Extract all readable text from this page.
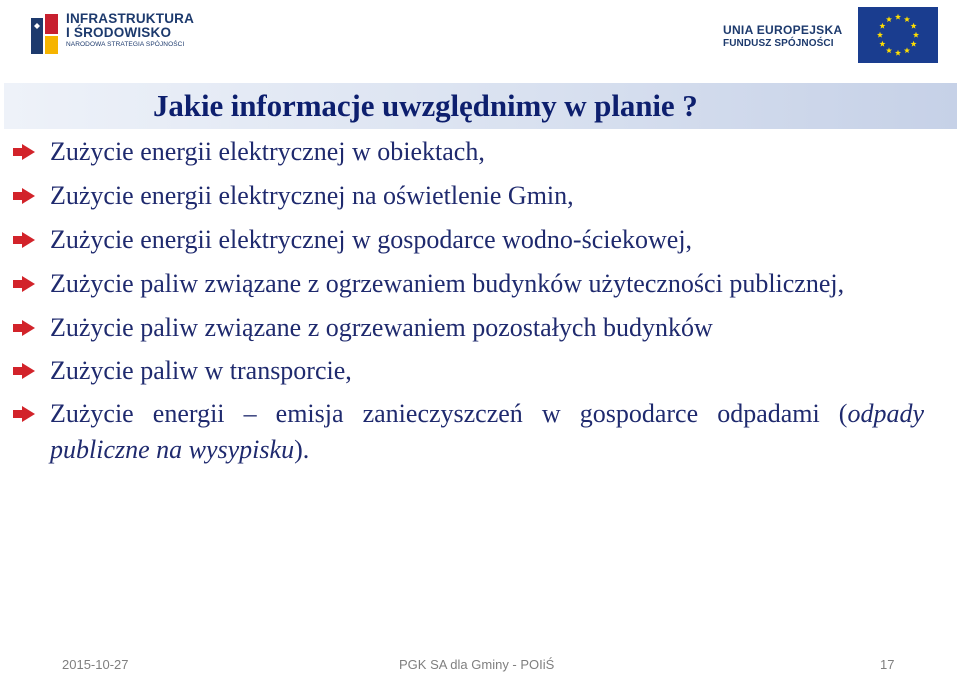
INFRASTRUKTURA
I ŚRODOWISKO
NARODOWA STRATEGIA SPÓJNOŚCI
UNIA EUROPEJSKA
FUNDUSZ SPÓJNOŚCI
Jakie informacje uwzględnimy w planie ?
Zużycie energii elektrycznej w obiektach,
Zużycie energii elektrycznej na oświetlenie Gmin,
Zużycie energii elektrycznej w gospodarce wodno-ściekowej,
Zużycie paliw związane z ogrzewaniem budynków użyteczności publicznej,
Zużycie paliw związane z ogrzewaniem pozostałych budynków
Zużycie paliw w transporcie,
Zużycie energii – emisja zanieczyszczeń w gospodarce odpadami (odpady publiczne na wysypisku).
2015-10-27	PGK SA dla Gminy - POIiŚ	17
